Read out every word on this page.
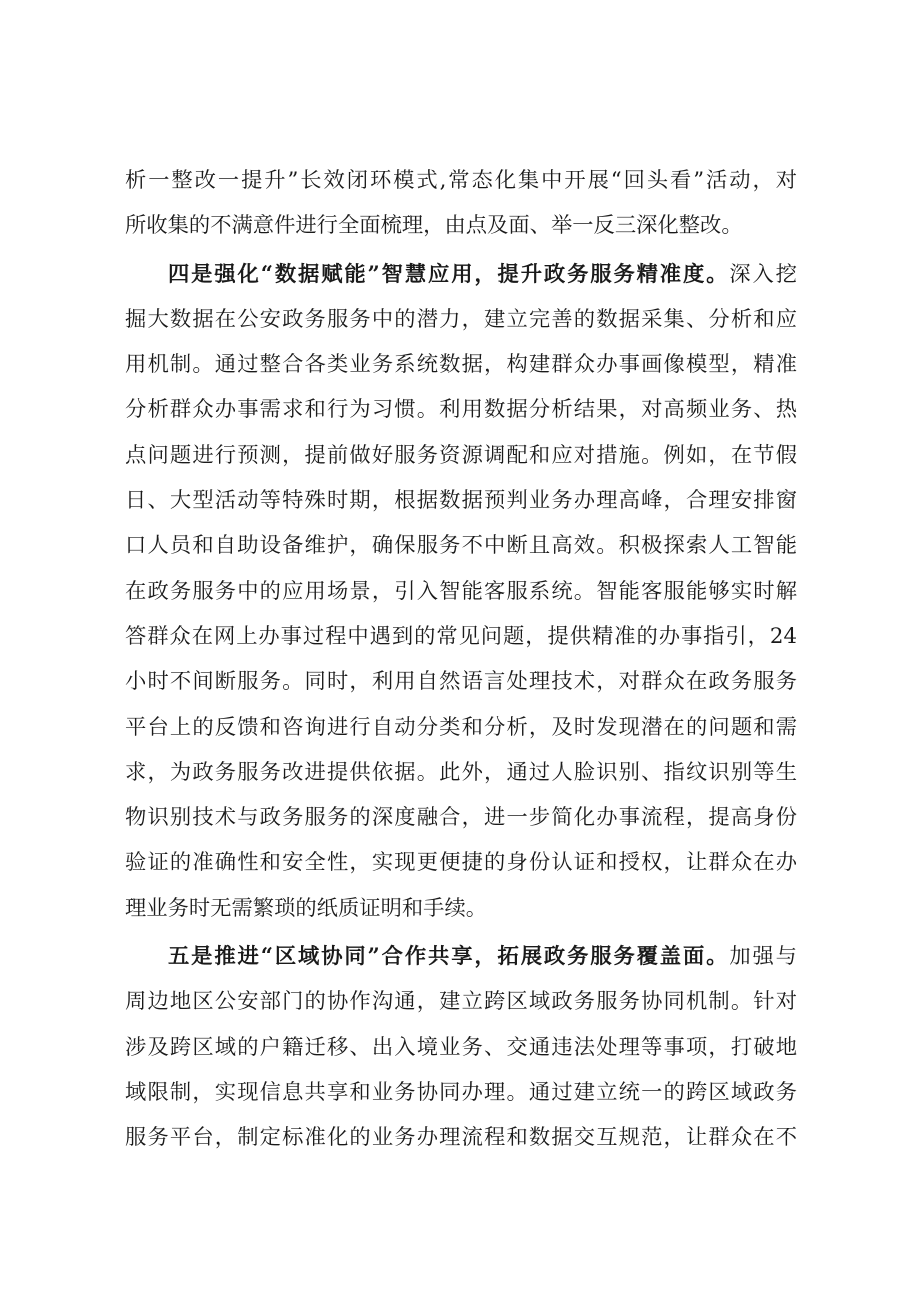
析一整改一提升”长效闭环模式,常态化集中开展“回头看”活动，对
所收集的不满意件进行全面梳理，由点及面、举一反三深化整改。
四是强化“数据赋能”智慧应用，提升政务服务精准度。深入挖
掘大数据在公安政务服务中的潜力，建立完善的数据采集、分析和应
用机制。通过整合各类业务系统数据，构建群众办事画像模型，精准
分析群众办事需求和行为习惯。利用数据分析结果，对高频业务、热
点问题进行预测，提前做好服务资源调配和应对措施。例如，在节假
日、大型活动等特殊时期，根据数据预判业务办理高峰，合理安排窗
口人员和自助设备维护，确保服务不中断且高效。积极探索人工智能
在政务服务中的应用场景，引入智能客服系统。智能客服能够实时解
答群众在网上办事过程中遇到的常见问题，提供精准的办事指引，24
小时不间断服务。同时，利用自然语言处理技术，对群众在政务服务
平台上的反馈和咨询进行自动分类和分析，及时发现潜在的问题和需
求，为政务服务改进提供依据。此外，通过人脸识别、指纹识别等生
物识别技术与政务服务的深度融合，进一步简化办事流程，提高身份
验证的准确性和安全性，实现更便捷的身份认证和授权，让群众在办
理业务时无需繁琐的纸质证明和手续。
五是推进“区域协同”合作共享，拓展政务服务覆盖面。加强与
周边地区公安部门的协作沟通，建立跨区域政务服务协同机制。针对
涉及跨区域的户籍迁移、出入境业务、交通违法处理等事项，打破地
域限制，实现信息共享和业务协同办理。通过建立统一的跨区域政务
服务平台，制定标准化的业务办理流程和数据交互规范，让群众在不
